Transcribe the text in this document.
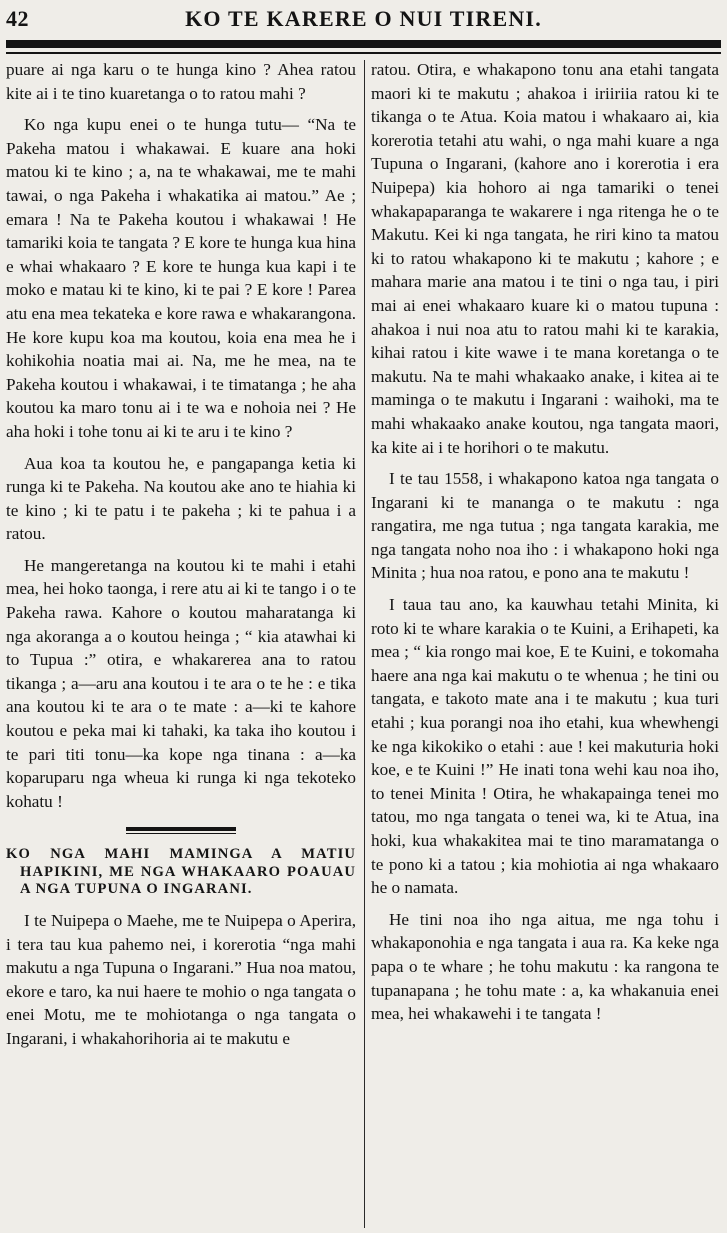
42	KO TE KARERE O NUI TIRENI.

puare ai nga karu o te hunga kino ? Ahea ratou kite ai i te tino kuaretanga o to ratou mahi ?

Ko nga kupu enei o te hunga tutu— “Na te Pakeha matou i whakawai. E kuare ana hoki matou ki te kino ; a, na te whakawai, me te mahi tawai, o nga Pakeha i whakatika ai matou.” Ae ; emara ! Na te Pakeha koutou i whakawai ! He tamariki koia te tangata ? E kore te hunga kua hina e whai whakaaro ? E kore te hunga kua kapi i te moko e matau ki te kino, ki te pai ? E kore ! Parea atu ena mea tekateka e kore rawa e whakarangona. He kore kupu koa ma koutou, koia ena mea he i kohikohia noatia mai ai. Na, me he mea, na te Pakeha koutou i whakawai, i te timatanga ; he aha koutou ka maro tonu ai i te wa e nohoia nei ? He aha hoki i tohe tonu ai ki te aru i te kino ?

Aua koa ta koutou he, e pangapanga ketia ki runga ki te Pakeha. Na koutou ake ano te hiahia ki te kino ; ki te patu i te pakeha ; ki te pahua i a ratou.

He mangeretanga na koutou ki te mahi i etahi mea, hei hoko taonga, i rere atu ai ki te tango i o te Pakeha rawa. Kahore o koutou maharatanga ki nga akoranga a o koutou heinga ; “ kia atawhai ki to Tupua :” otira, e whakarerea ana to ratou tikanga ; a—aru ana koutou i te ara o te he : e tika ana koutou ki te ara o te mate : a—ki te kahore koutou e peka mai ki tahaki, ka taka iho koutou i te pari titi tonu—ka kope nga tinana : a—ka koparuparu nga wheua ki runga ki nga tekoteko kohatu !

KO NGA MAHI MAMINGA A MATIU HAPIKINI, ME NGA WHAKAARO POAUAU A NGA TUPUNA O INGARANI.

I te Nuipepa o Maehe, me te Nuipepa o Aperira, i tera tau kua pahemo nei, i korerotia “nga mahi makutu a nga Tupuna o Ingarani.” Hua noa matou, ekore e taro, ka nui haere te mohio o nga tangata o enei Motu, me te mohiotanga o nga tangata o Ingarani, i whakahorihoria ai te makutu e

ratou. Otira, e whakapono tonu ana etahi tangata maori ki te makutu ; ahakoa i iriiriia ratou ki te tikanga o te Atua. Koia matou i whakaaro ai, kia korerotia tetahi atu wahi, o nga mahi kuare a nga Tupuna o Ingarani, (kahore ano i korerotia i era Nuipepa) kia hohoro ai nga tamariki o tenei whakapaparanga te wakarere i nga ritenga he o te Makutu. Kei ki nga tangata, he riri kino ta matou ki to ratou whakapono ki te makutu ; kahore ; e mahara marie ana matou i te tini o nga tau, i piri mai ai enei whakaaro kuare ki o matou tupuna : ahakoa i nui noa atu to ratou mahi ki te karakia, kihai ratou i kite wawe i te mana koretanga o te makutu. Na te mahi whakaako anake, i kitea ai te maminga o te makutu i Ingarani : waihoki, ma te mahi whakaako anake koutou, nga tangata maori, ka kite ai i te horihori o te makutu.

I te tau 1558, i whakapono katoa nga tangata o Ingarani ki te mananga o te makutu : nga rangatira, me nga tutua ; nga tangata karakia, me nga tangata noho noa iho : i whakapono hoki nga Minita ; hua noa ratou, e pono ana te makutu !

I taua tau ano, ka kauwhau tetahi Minita, ki roto ki te whare karakia o te Kuini, a Erihapeti, ka mea ; “ kia rongo mai koe, E te Kuini, e tokomaha haere ana nga kai makutu o te whenua ; he tini ou tangata, e takoto mate ana i te makutu ; kua turi etahi ; kua porangi noa iho etahi, kua whewhengi ke nga kikokiko o etahi : aue ! kei makuturia hoki koe, e te Kuini !” He inati tona wehi kau noa iho, to tenei Minita ! Otira, he whakapainga tenei mo tatou, mo nga tangata o tenei wa, ki te Atua, ina hoki, kua whakakitea mai te tino maramatanga o te pono ki a tatou ; kia mohiotia ai nga whakaaro he o namata.

He tini noa iho nga aitua, me nga tohu i whakaponohia e nga tangata i aua ra. Ka keke nga papa o te whare ; he tohu makutu : ka rangona te tupanapana ; he tohu mate : a, ka whakanuia enei mea, hei whakawehi i te tangata !
